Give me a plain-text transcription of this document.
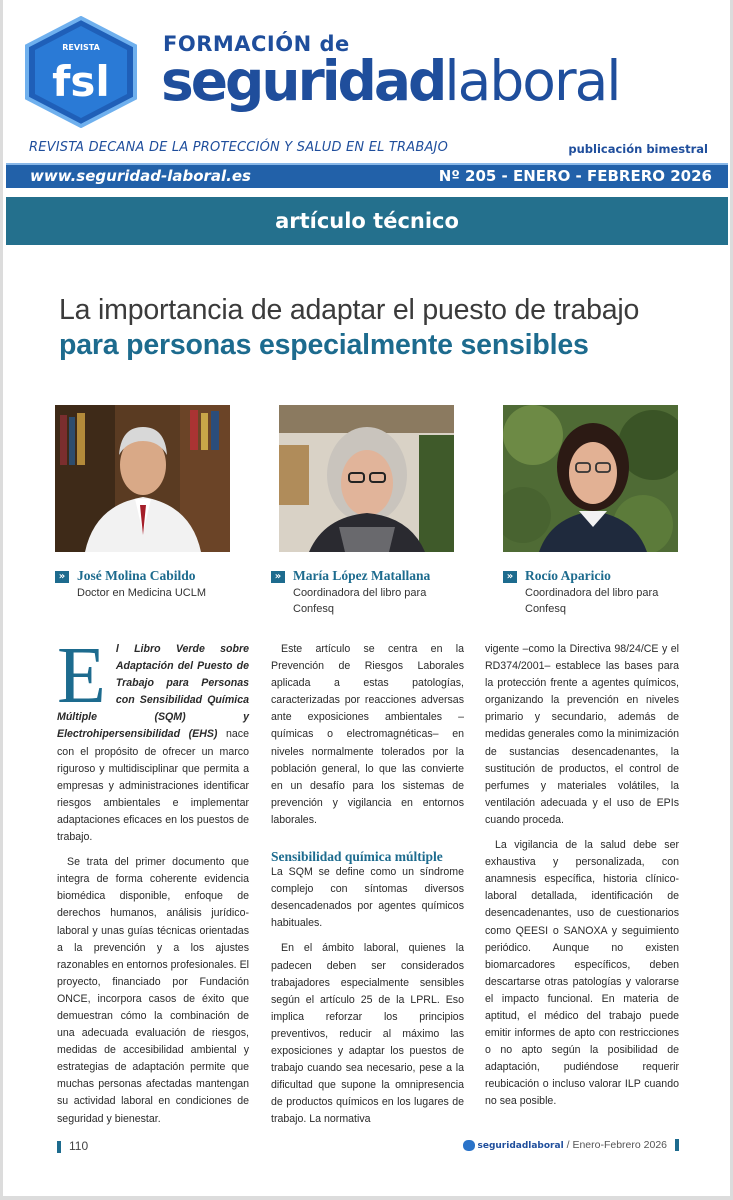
REVISTA
fsl
FORMACIÓN de
seguridadlaboral
REVISTA DECANA DE LA PROTECCIÓN Y SALUD EN EL TRABAJO	publicación bimestral
www.seguridad-laboral.es	Nº 205 - ENERO - FEBRERO 2026
artículo técnico
La importancia de adaptar el puesto de trabajo
para personas especialmente sensibles
» José Molina Cabildo
Doctor en Medicina UCLM
» María López Matallana
Coordinadora del libro para
Confesq
» Rocío Aparicio
Coordinadora del libro para
Confesq

El Libro Verde sobre Adaptación del Puesto de Trabajo para Personas con Sensibilidad Química Múltiple (SQM) y Electrohipersensibilidad (EHS) nace con el propósito de ofrecer un marco riguroso y multidisciplinar que permita a empresas y administraciones identificar riesgos ambientales e implementar adaptaciones eficaces en los puestos de trabajo.

Se trata del primer documento que integra de forma coherente evidencia biomédica disponible, enfoque de derechos humanos, análisis jurídico-laboral y unas guías técnicas orientadas a la prevención y a los ajustes razonables en entornos profesionales. El proyecto, financiado por Fundación ONCE, incorpora casos de éxito que demuestran cómo la combinación de una adecuada evaluación de riesgos, medidas de accesibilidad ambiental y estrategias de adaptación permite que muchas personas afectadas mantengan su actividad laboral en condiciones de seguridad y bienestar.

Este artículo se centra en la Prevención de Riesgos Laborales aplicada a estas patologías, caracterizadas por reacciones adversas ante exposiciones ambientales –químicas o electromagnéticas– en niveles normalmente tolerados por la población general, lo que las convierte en un desafío para los sistemas de prevención y vigilancia en entornos laborales.

Sensibilidad química múltiple

La SQM se define como un síndrome complejo con síntomas diversos desencadenados por agentes químicos habituales.

En el ámbito laboral, quienes la padecen deben ser considerados trabajadores especialmente sensibles según el artículo 25 de la LPRL. Eso implica reforzar los principios preventivos, reducir al máximo las exposiciones y adaptar los puestos de trabajo cuando sea necesario, pese a la dificultad que supone la omnipresencia de productos químicos en los lugares de trabajo. La normativa

vigente –como la Directiva 98/24/CE y el RD374/2001– establece las bases para la protección frente a agentes químicos, organizando la prevención en niveles primario y secundario, además de medidas generales como la minimización de sustancias desencadenantes, la sustitución de productos, el control de perfumes y materiales volátiles, la ventilación adecuada y el uso de EPIs cuando proceda.

La vigilancia de la salud debe ser exhaustiva y personalizada, con anamnesis específica, historia clínico-laboral detallada, identificación de desencadenantes, uso de cuestionarios como QEESI o SANOXA y seguimiento periódico. Aunque no existen biomarcadores específicos, deben descartarse otras patologías y valorarse el impacto funcional. En materia de aptitud, el médico del trabajo puede emitir informes de apto con restricciones o no apto según la posibilidad de adaptación, pudiéndose requerir reubicación o incluso valorar ILP cuando no sea posible.

110	seguridadlaboral / Enero-Febrero 2026
